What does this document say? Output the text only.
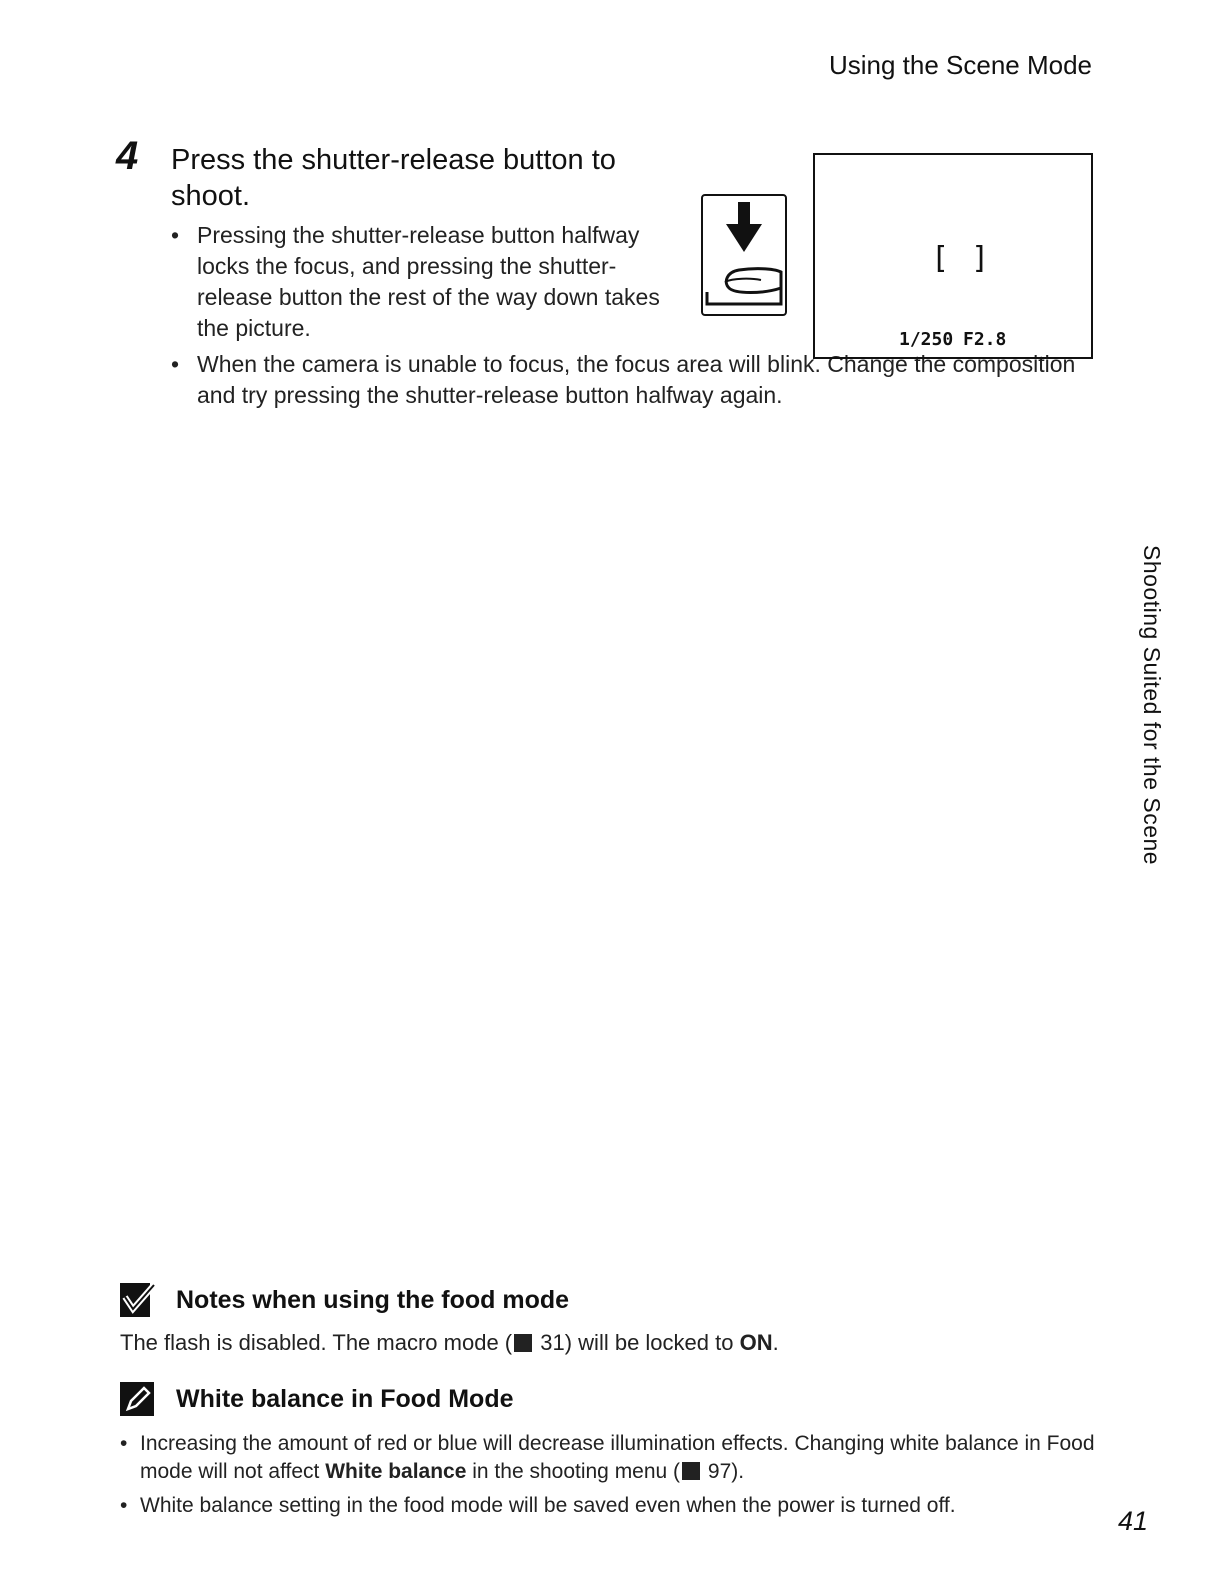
Using the Scene Mode
4 Press the shutter-release button to shoot.
• Pressing the shutter-release button halfway locks the focus, and pressing the shutter-release button the rest of the way down takes the picture.
• When the camera is unable to focus, the focus area will blink. Change the composition and try pressing the shutter-release button halfway again.
[ ]
1/250 F2.8
Shooting Suited for the Scene
Notes when using the food mode
The flash is disabled. The macro mode ( 31) will be locked to ON.
White balance in Food Mode
• Increasing the amount of red or blue will decrease illumination effects. Changing white balance in Food mode will not affect White balance in the shooting menu ( 97).
• White balance setting in the food mode will be saved even when the power is turned off.
41
